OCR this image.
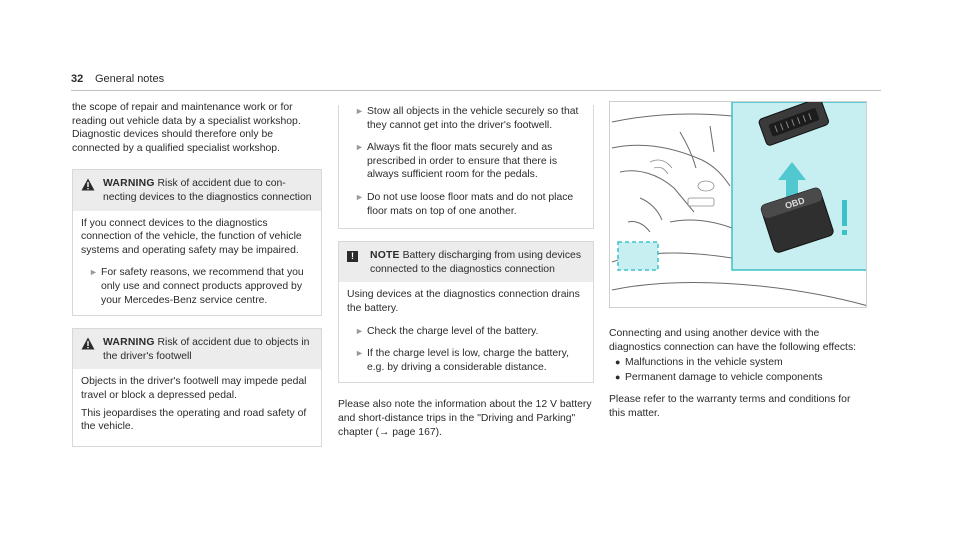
32 General notes

the scope of repair and maintenance work or for reading out vehicle data by a specialist workshop. Diagnostic devices should therefore only be connected by a qualified specialist workshop.

WARNING Risk of accident due to connecting devices to the diagnostics connection

If you connect devices to the diagnostics connection of the vehicle, the function of vehicle systems and operating safety may be impaired.

► For safety reasons, we recommend that you only use and connect products approved by your Mercedes-Benz service centre.
WARNING Risk of accident due to objects in the driver's footwell

Objects in the driver's footwell may impede pedal travel or block a depressed pedal.

This jeopardises the operating and road safety of the vehicle.

► Stow all objects in the vehicle securely so that they cannot get into the driver's footwell.
► Always fit the floor mats securely and as prescribed in order to ensure that there is always sufficient room for the pedals.
► Do not use loose floor mats and do not place floor mats on top of one another.
!	NOTE Battery discharging from using devices connected to the diagnostics connection

Using devices at the diagnostics connection drains the battery.

► Check the charge level of the battery.
► If the charge level is low, charge the battery, e.g. by driving a considerable distance.

Please also note the information about the 12 V battery and short-distance trips in the "Driving and Parking" chapter (→ page 167).

OBD

Connecting and using another device with the diagnostics connection can have the following effects:

● Malfunctions in the vehicle system
● Permanent damage to vehicle components

Please refer to the warranty terms and conditions for this matter.
